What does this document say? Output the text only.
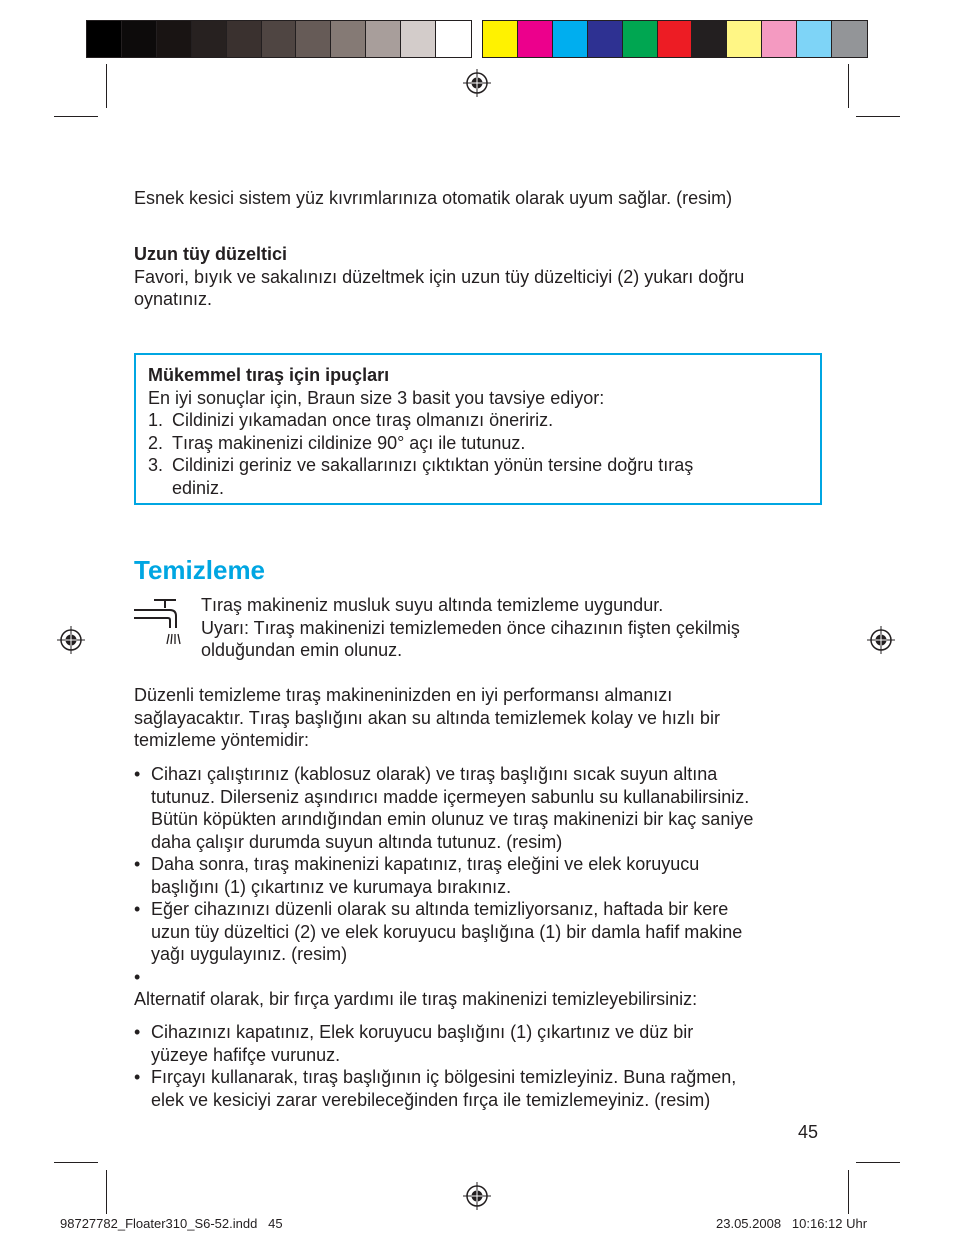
Esnek kesici sistem yüz kıvrımlarınıza otomatik olarak uyum sağlar. (resim)
Uzun tüy düzeltici
Favori, bıyık ve sakalınızı düzeltmek için uzun tüy düzelticiyi (2) yukarı doğru
oynatınız.
Mükemmel tıraş için ipuçları
En iyi sonuçlar için, Braun size 3 basit you tavsiye ediyor:
1. Cildinizi yıkamadan once tıraş olmanızı öneririz.
2. Tıraş makinenizi cildinize 90° açı ile tutunuz.
3. Cildinizi geriniz ve sakallarınızı çıktıktan yönün tersine doğru tıraş
ediniz.
Temizleme
Tıraş makineniz musluk suyu altında temizleme uygundur.
Uyarı: Tıraş makinenizi temizlemeden önce cihazının fişten çekilmiş
olduğundan emin olunuz.
Düzenli temizleme tıraş makineninizden en iyi performansı almanızı
sağlayacaktır. Tıraş başlığını akan su altında temizlemek kolay ve hızlı bir
temizleme yöntemidir:
• Cihazı çalıştırınız (kablosuz olarak) ve tıraş başlığını sıcak suyun altına
tutunuz. Dilerseniz aşındırıcı madde içermeyen sabunlu su kullanabilirsiniz.
Bütün köpükten arındığından emin olunuz ve tıraş makinenizi bir kaç saniye
daha çalışır durumda suyun altında tutunuz. (resim)
• Daha sonra, tıraş makinenizi kapatınız, tıraş eleğini ve elek koruyucu
başlığını (1) çıkartınız ve kurumaya bırakınız.
• Eğer cihazınızı düzenli olarak su altında temizliyorsanız, haftada bir kere
uzun tüy düzeltici (2) ve elek koruyucu başlığına (1) bir damla hafif makine
yağı uygulayınız. (resim)
•
Alternatif olarak, bir fırça yardımı ile tıraş makinenizi temizleyebilirsiniz:
• Cihazınızı kapatınız, Elek koruyucu başlığını (1) çıkartınız ve düz bir
yüzeye hafifçe vurunuz.
• Fırçayı kullanarak, tıraş başlığının iç bölgesini temizleyiniz. Buna rağmen,
elek ve kesiciyi zarar verebileceğinden fırça ile temizlemeyiniz. (resim)
45
98727782_Floater310_S6-52.indd   45	23.05.2008   10:16:12 Uhr
